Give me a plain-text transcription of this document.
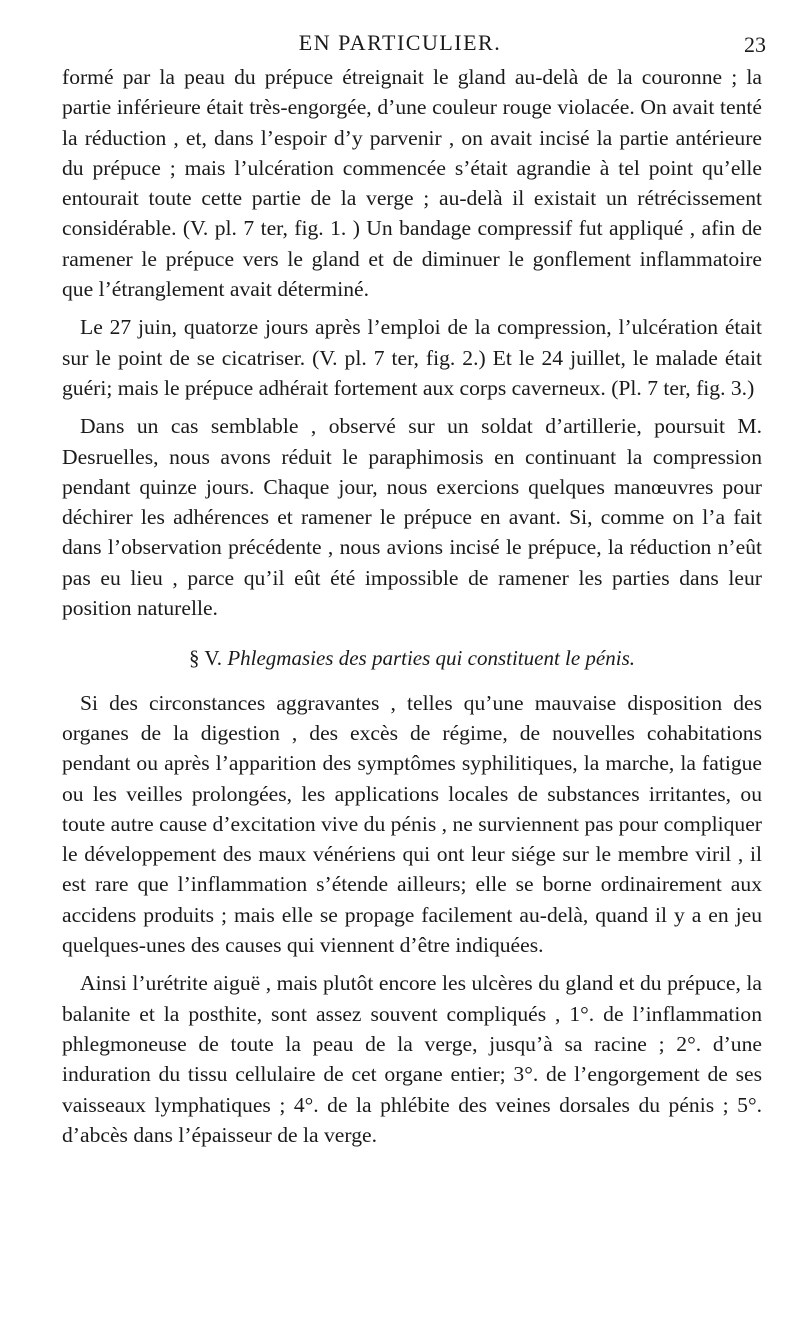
EN PARTICULIER.	23

formé par la peau du prépuce étreignait le gland au-delà de la couronne ; la partie inférieure était très-engorgée, d’une couleur rouge violacée. On avait tenté la réduction , et, dans l’espoir d’y parvenir , on avait incisé la partie antérieure du prépuce ; mais l’ulcération commencée s’était agrandie à tel point qu’elle entourait toute cette partie de la verge ; au-delà il existait un rétrécissement considérable. (V. pl. 7 ter, fig. 1. ) Un bandage compressif fut appliqué , afin de ramener le prépuce vers le gland et de diminuer le gonflement inflammatoire que l’étranglement avait déterminé.

Le 27 juin, quatorze jours après l’emploi de la compression, l’ulcération était sur le point de se cicatriser. (V. pl. 7 ter, fig. 2.) Et le 24 juillet, le malade était guéri; mais le prépuce adhérait fortement aux corps caverneux. (Pl. 7 ter, fig. 3.)

Dans un cas semblable , observé sur un soldat d’artillerie, poursuit M. Desruelles, nous avons réduit le paraphimosis en continuant la compression pendant quinze jours. Chaque jour, nous exercions quelques manœuvres pour déchirer les adhérences et ramener le prépuce en avant. Si, comme on l’a fait dans l’observation précédente , nous avions incisé le prépuce, la réduction n’eût pas eu lieu , parce qu’il eût été impossible de ramener les parties dans leur position naturelle.

§ V. Phlegmasies des parties qui constituent le pénis.

Si des circonstances aggravantes , telles qu’une mauvaise disposition des organes de la digestion , des excès de régime, de nouvelles cohabitations pendant ou après l’apparition des symptômes syphilitiques, la marche, la fatigue ou les veilles prolongées, les applications locales de substances irritantes, ou toute autre cause d’excitation vive du pénis , ne surviennent pas pour compliquer le développement des maux vénériens qui ont leur siége sur le membre viril , il est rare que l’inflammation s’étende ailleurs; elle se borne ordinairement aux accidens produits ; mais elle se propage facilement au-delà, quand il y a en jeu quelques-unes des causes qui viennent d’être indiquées.

Ainsi l’urétrite aiguë , mais plutôt encore les ulcères du gland et du prépuce, la balanite et la posthite, sont assez souvent compliqués , 1°. de l’inflammation phlegmoneuse de toute la peau de la verge, jusqu’à sa racine ; 2°. d’une induration du tissu cellulaire de cet organe entier; 3°. de l’engorgement de ses vaisseaux lymphatiques ; 4°. de la phlébite des veines dorsales du pénis ; 5°. d’abcès dans l’épaisseur de la verge.
